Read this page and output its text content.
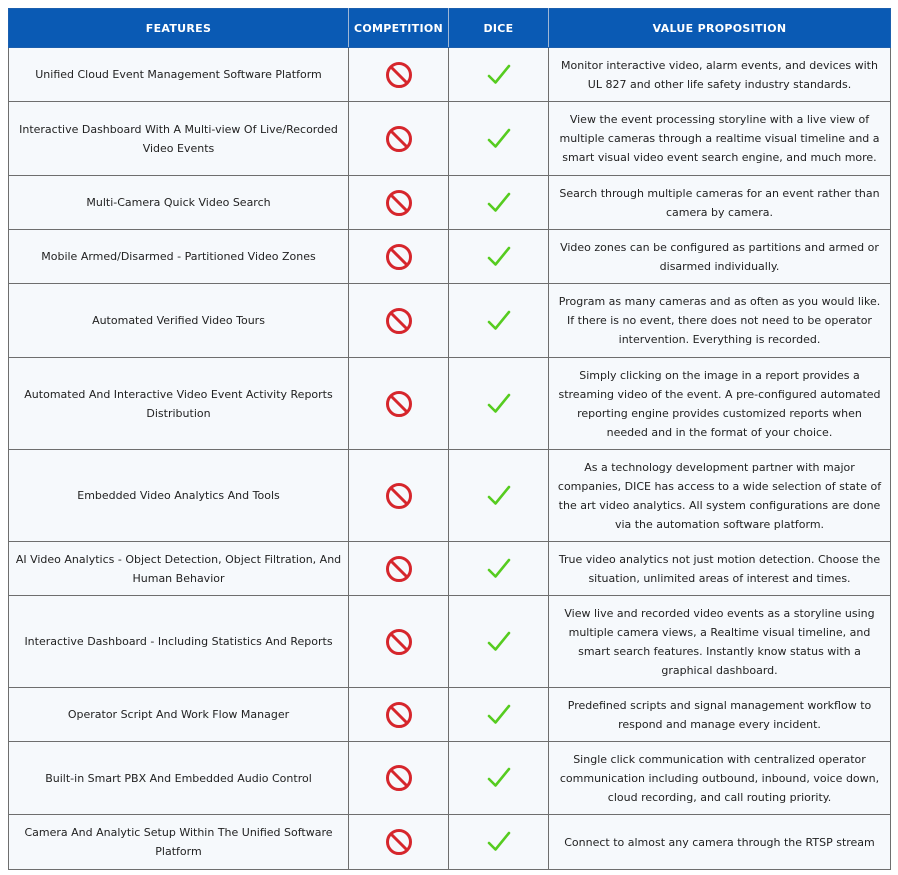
FEATURES	COMPETITION	DICE	VALUE PROPOSITION
Unified Cloud Event Management Software Platform			Monitor interactive video, alarm events, and devices with UL 827 and other life safety industry standards.
Interactive Dashboard With A Multi-view Of Live/Recorded Video Events			View the event processing storyline with a live view of multiple cameras through a realtime visual timeline and a smart visual video event search engine, and much more.
Multi-Camera Quick Video Search			Search through multiple cameras for an event rather than camera by camera.
Mobile Armed/Disarmed - Partitioned Video Zones			Video zones can be configured as partitions and armed or disarmed individually.
Automated Verified Video Tours			Program as many cameras and as often as you would like. If there is no event, there does not need to be operator intervention. Everything is recorded.
Automated And Interactive Video Event Activity Reports Distribution			Simply clicking on the image in a report provides a streaming video of the event. A pre-configured automated reporting engine provides customized reports when needed and in the format of your choice.
Embedded Video Analytics And Tools			As a technology development partner with major companies, DICE has access to a wide selection of state of the art video analytics. All system configurations are done via the automation software platform.
AI Video Analytics - Object Detection, Object Filtration, And Human Behavior			True video analytics not just motion detection. Choose the situation, unlimited areas of interest and times.
Interactive Dashboard - Including Statistics And Reports			View live and recorded video events as a storyline using multiple camera views, a Realtime visual timeline, and smart search features. Instantly know status with a graphical dashboard.
Operator Script And Work Flow Manager			Predefined scripts and signal management workflow to respond and manage every incident.
Built-in Smart PBX And Embedded Audio Control			Single click communication with centralized operator communication including outbound, inbound, voice down, cloud recording, and call routing priority.
Camera And Analytic Setup Within The Unified Software Platform			Connect to almost any camera through the RTSP stream
